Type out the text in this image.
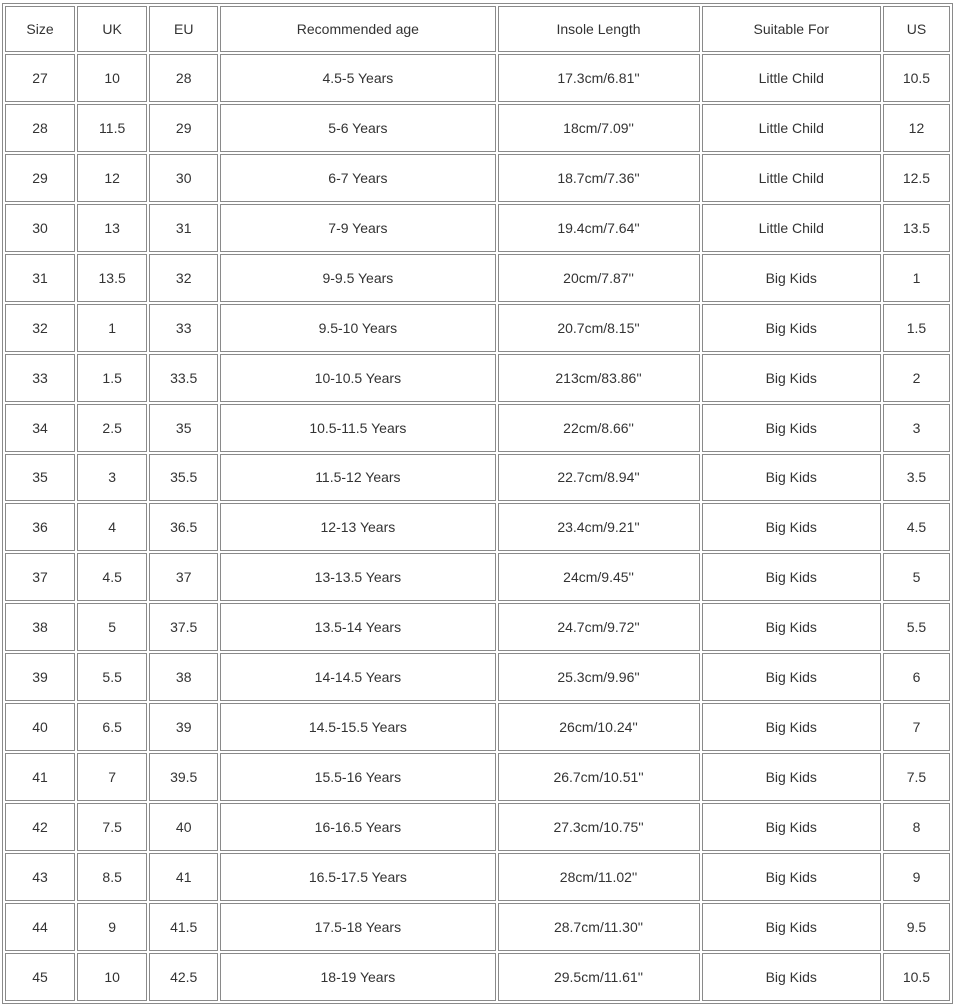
Size	UK	EU	Recommended age	Insole Length	Suitable For	US
27	10	28	4.5-5 Years	17.3cm/6.81''	Little Child	10.5
28	11.5	29	5-6 Years	18cm/7.09''	Little Child	12
29	12	30	6-7 Years	18.7cm/7.36''	Little Child	12.5
30	13	31	7-9 Years	19.4cm/7.64''	Little Child	13.5
31	13.5	32	9-9.5 Years	20cm/7.87''	Big Kids	1
32	1	33	9.5-10 Years	20.7cm/8.15''	Big Kids	1.5
33	1.5	33.5	10-10.5 Years	213cm/83.86''	Big Kids	2
34	2.5	35	10.5-11.5 Years	22cm/8.66''	Big Kids	3
35	3	35.5	11.5-12 Years	22.7cm/8.94''	Big Kids	3.5
36	4	36.5	12-13 Years	23.4cm/9.21''	Big Kids	4.5
37	4.5	37	13-13.5 Years	24cm/9.45''	Big Kids	5
38	5	37.5	13.5-14 Years	24.7cm/9.72''	Big Kids	5.5
39	5.5	38	14-14.5 Years	25.3cm/9.96''	Big Kids	6
40	6.5	39	14.5-15.5 Years	26cm/10.24''	Big Kids	7
41	7	39.5	15.5-16 Years	26.7cm/10.51''	Big Kids	7.5
42	7.5	40	16-16.5 Years	27.3cm/10.75''	Big Kids	8
43	8.5	41	16.5-17.5 Years	28cm/11.02''	Big Kids	9
44	9	41.5	17.5-18 Years	28.7cm/11.30''	Big Kids	9.5
45	10	42.5	18-19 Years	29.5cm/11.61''	Big Kids	10.5
